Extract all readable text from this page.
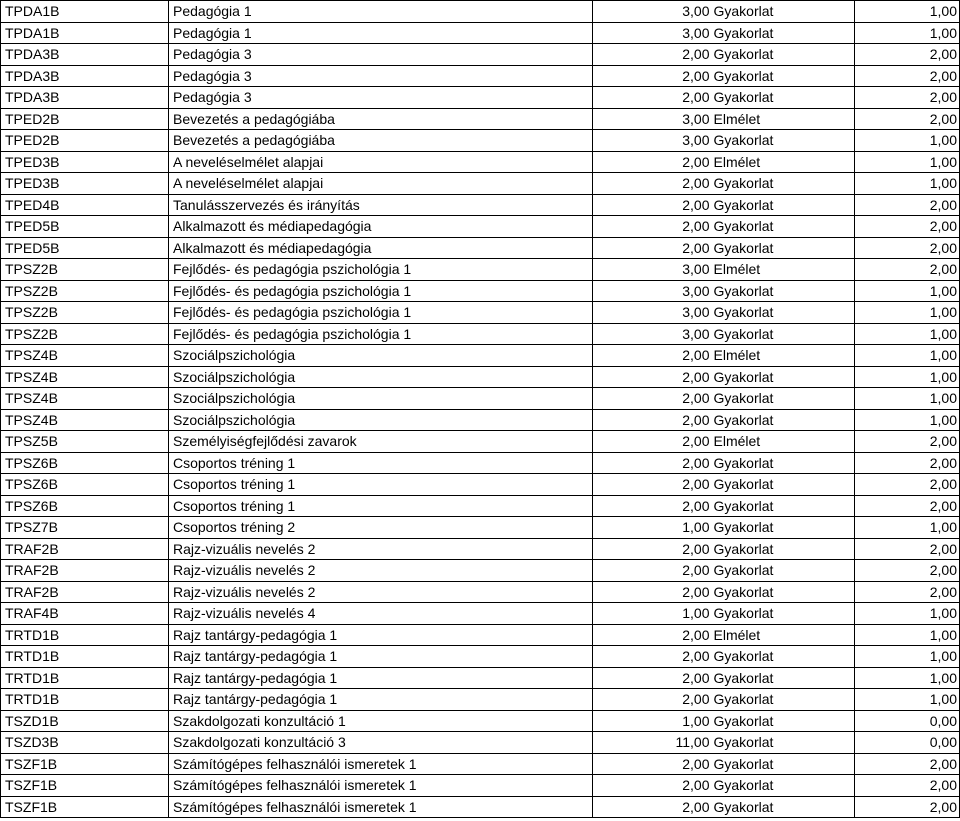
TPDA1B	Pedagógia 1	3,00	Gyakorlat	1,00
TPDA1B	Pedagógia 1	3,00	Gyakorlat	1,00
TPDA3B	Pedagógia 3	2,00	Gyakorlat	2,00
TPDA3B	Pedagógia 3	2,00	Gyakorlat	2,00
TPDA3B	Pedagógia 3	2,00	Gyakorlat	2,00
TPED2B	Bevezetés a pedagógiába	3,00	Elmélet	2,00
TPED2B	Bevezetés a pedagógiába	3,00	Gyakorlat	1,00
TPED3B	A neveléselmélet alapjai	2,00	Elmélet	1,00
TPED3B	A neveléselmélet alapjai	2,00	Gyakorlat	1,00
TPED4B	Tanulásszervezés és irányítás	2,00	Gyakorlat	2,00
TPED5B	Alkalmazott és médiapedagógia	2,00	Gyakorlat	2,00
TPED5B	Alkalmazott és médiapedagógia	2,00	Gyakorlat	2,00
TPSZ2B	Fejlődés- és pedagógia pszichológia 1	3,00	Elmélet	2,00
TPSZ2B	Fejlődés- és pedagógia pszichológia 1	3,00	Gyakorlat	1,00
TPSZ2B	Fejlődés- és pedagógia pszichológia 1	3,00	Gyakorlat	1,00
TPSZ2B	Fejlődés- és pedagógia pszichológia 1	3,00	Gyakorlat	1,00
TPSZ4B	Szociálpszichológia	2,00	Elmélet	1,00
TPSZ4B	Szociálpszichológia	2,00	Gyakorlat	1,00
TPSZ4B	Szociálpszichológia	2,00	Gyakorlat	1,00
TPSZ4B	Szociálpszichológia	2,00	Gyakorlat	1,00
TPSZ5B	Személyiségfejlődési zavarok	2,00	Elmélet	2,00
TPSZ6B	Csoportos tréning 1	2,00	Gyakorlat	2,00
TPSZ6B	Csoportos tréning 1	2,00	Gyakorlat	2,00
TPSZ6B	Csoportos tréning 1	2,00	Gyakorlat	2,00
TPSZ7B	Csoportos tréning 2	1,00	Gyakorlat	1,00
TRAF2B	Rajz-vizuális nevelés 2	2,00	Gyakorlat	2,00
TRAF2B	Rajz-vizuális nevelés 2	2,00	Gyakorlat	2,00
TRAF2B	Rajz-vizuális nevelés 2	2,00	Gyakorlat	2,00
TRAF4B	Rajz-vizuális nevelés 4	1,00	Gyakorlat	1,00
TRTD1B	Rajz tantárgy-pedagógia 1	2,00	Elmélet	1,00
TRTD1B	Rajz tantárgy-pedagógia 1	2,00	Gyakorlat	1,00
TRTD1B	Rajz tantárgy-pedagógia 1	2,00	Gyakorlat	1,00
TRTD1B	Rajz tantárgy-pedagógia 1	2,00	Gyakorlat	1,00
TSZD1B	Szakdolgozati konzultáció 1	1,00	Gyakorlat	0,00
TSZD3B	Szakdolgozati konzultáció 3	11,00	Gyakorlat	0,00
TSZF1B	Számítógépes felhasználói ismeretek 1	2,00	Gyakorlat	2,00
TSZF1B	Számítógépes felhasználói ismeretek 1	2,00	Gyakorlat	2,00
TSZF1B	Számítógépes felhasználói ismeretek 1	2,00	Gyakorlat	2,00
